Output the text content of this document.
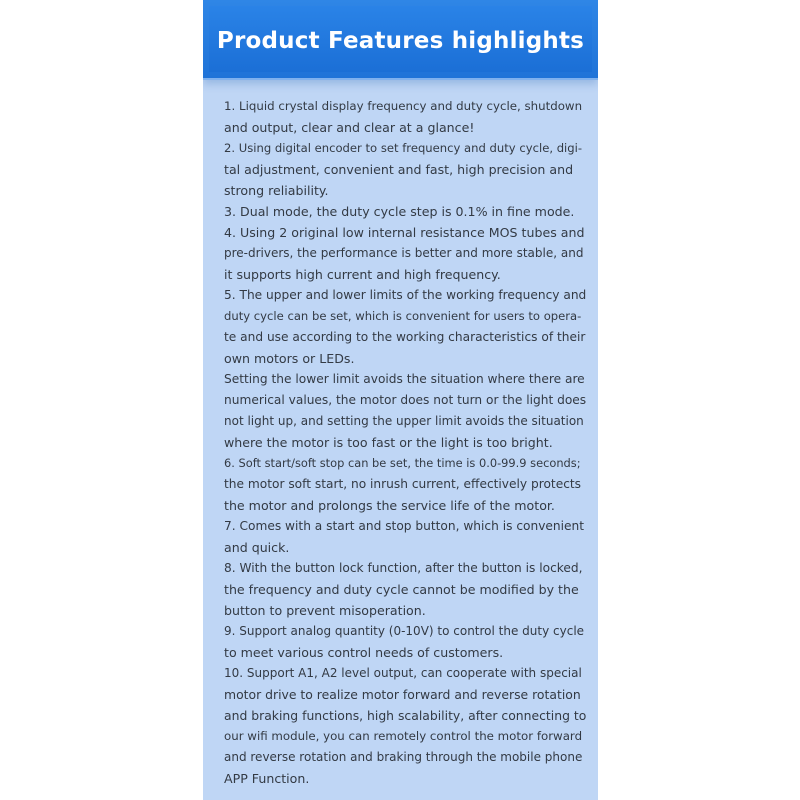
Product Features highlights
1. Liquid crystal display frequency and duty cycle, shutdown
and output, clear and clear at a glance!
2. Using digital encoder to set frequency and duty cycle, digi-
tal adjustment, convenient and fast, high precision and
strong reliability.
3. Dual mode, the duty cycle step is 0.1% in fine mode.
4. Using 2 original low internal resistance MOS tubes and
pre-drivers, the performance is better and more stable, and
it supports high current and high frequency.
5. The upper and lower limits of the working frequency and
duty cycle can be set, which is convenient for users to opera-
te and use according to the working characteristics of their
own motors or LEDs.
Setting the lower limit avoids the situation where there are
numerical values, the motor does not turn or the light does
not light up, and setting the upper limit avoids the situation
where the motor is too fast or the light is too bright.
6. Soft start/soft stop can be set, the time is 0.0-99.9 seconds;
the motor soft start, no inrush current, effectively protects
the motor and prolongs the service life of the motor.
7. Comes with a start and stop button, which is convenient
and quick.
8. With the button lock function, after the button is locked,
the frequency and duty cycle cannot be modified by the
button to prevent misoperation.
9. Support analog quantity (0-10V) to control the duty cycle
to meet various control needs of customers.
10. Support A1, A2 level output, can cooperate with special
motor drive to realize motor forward and reverse rotation
and braking functions, high scalability, after connecting to
our wifi module, you can remotely control the motor forward
and reverse rotation and braking through the mobile phone
APP Function.
